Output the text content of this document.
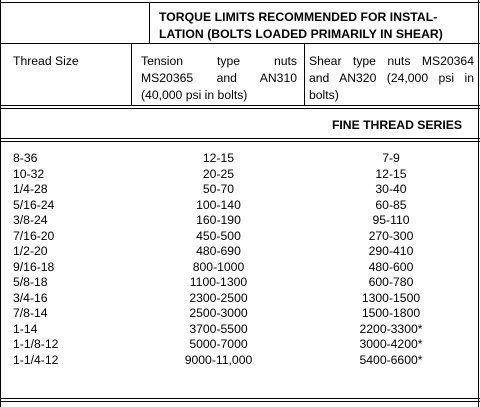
TORQUE LIMITS RECOMMENDED FOR INSTAL-
LATION (BOLTS LOADED PRIMARILY IN SHEAR)
Thread Size	Tension type nuts
MS20365 and AN310
(40,000 psi in bolts)
Shear type nuts MS20364
and AN320 (24,000 psi in
bolts)
FINE THREAD SERIES
8-36	12-15	7-9
10-32	20-25	12-15
1/4-28	50-70	30-40
5/16-24	100-140	60-85
3/8-24	160-190	95-110
7/16-20	450-500	270-300
1/2-20	480-690	290-410
9/16-18	800-1000	480-600
5/8-18	1100-1300	600-780
3/4-16	2300-2500	1300-1500
7/8-14	2500-3000	1500-1800
1-14	3700-5500	2200-3300*
1-1/8-12	5000-7000	3000-4200*
1-1/4-12	9000-11,000	5400-6600*
